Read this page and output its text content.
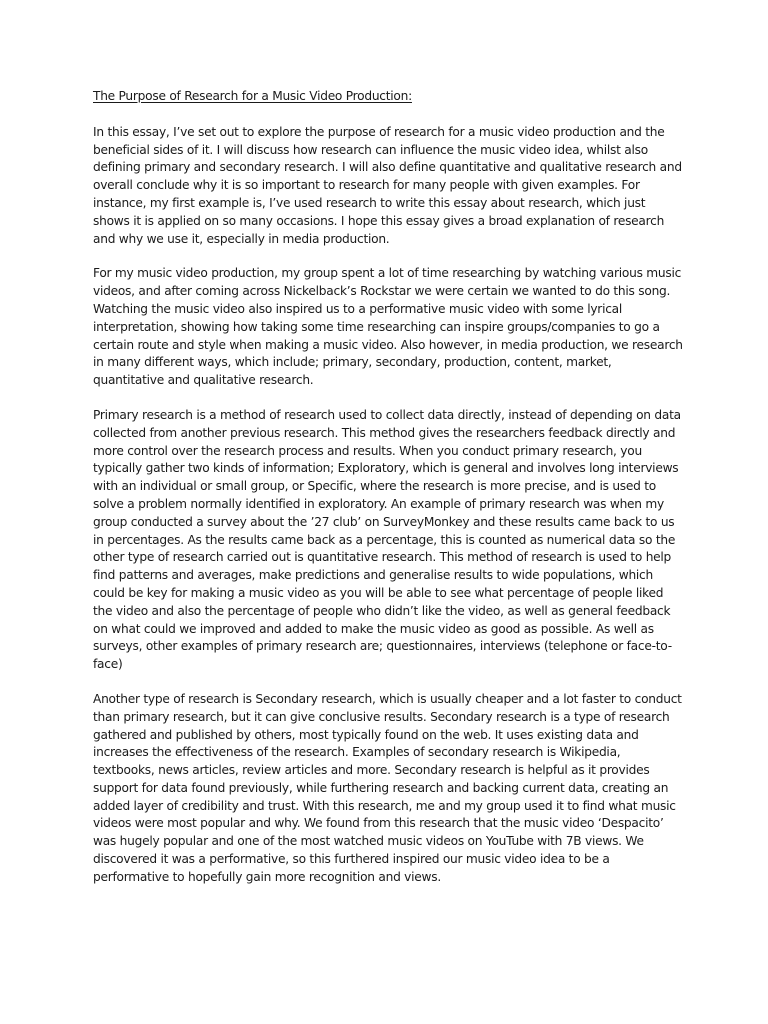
The Purpose of Research for a Music Video Production:

In this essay, I’ve set out to explore the purpose of research for a music video production and the beneficial sides of it. I will discuss how research can influence the music video idea, whilst also defining primary and secondary research. I will also define quantitative and qualitative research and overall conclude why it is so important to research for many people with given examples. For instance, my first example is, I’ve used research to write this essay about research, which just shows it is applied on so many occasions. I hope this essay gives a broad explanation of research and why we use it, especially in media production.

For my music video production, my group spent a lot of time researching by watching various music videos, and after coming across Nickelback’s Rockstar we were certain we wanted to do this song. Watching the music video also inspired us to a performative music video with some lyrical interpretation, showing how taking some time researching can inspire groups/companies to go a certain route and style when making a music video. Also however, in media production, we research in many different ways, which include; primary, secondary, production, content, market, quantitative and qualitative research.

Primary research is a method of research used to collect data directly, instead of depending on data collected from another previous research. This method gives the researchers feedback directly and more control over the research process and results. When you conduct primary research, you typically gather two kinds of information; Exploratory, which is general and involves long interviews with an individual or small group, or Specific, where the research is more precise, and is used to solve a problem normally identified in exploratory. An example of primary research was when my group conducted a survey about the ’27 club’ on SurveyMonkey and these results came back to us in percentages. As the results came back as a percentage, this is counted as numerical data so the other type of research carried out is quantitative research. This method of research is used to help find patterns and averages, make predictions and generalise results to wide populations, which could be key for making a music video as you will be able to see what percentage of people liked the video and also the percentage of people who didn’t like the video, as well as general feedback on what could we improved and added to make the music video as good as possible. As well as surveys, other examples of primary research are; questionnaires, interviews (telephone or face-to-face)

Another type of research is Secondary research, which is usually cheaper and a lot faster to conduct than primary research, but it can give conclusive results. Secondary research is a type of research gathered and published by others, most typically found on the web. It uses existing data and increases the effectiveness of the research. Examples of secondary research is Wikipedia, textbooks, news articles, review articles and more. Secondary research is helpful as it provides support for data found previously, while furthering research and backing current data, creating an added layer of credibility and trust. With this research, me and my group used it to find what music videos were most popular and why. We found from this research that the music video ‘Despacito’ was hugely popular and one of the most watched music videos on YouTube with 7B views. We discovered it was a performative, so this furthered inspired our music video idea to be a performative to hopefully gain more recognition and views.
